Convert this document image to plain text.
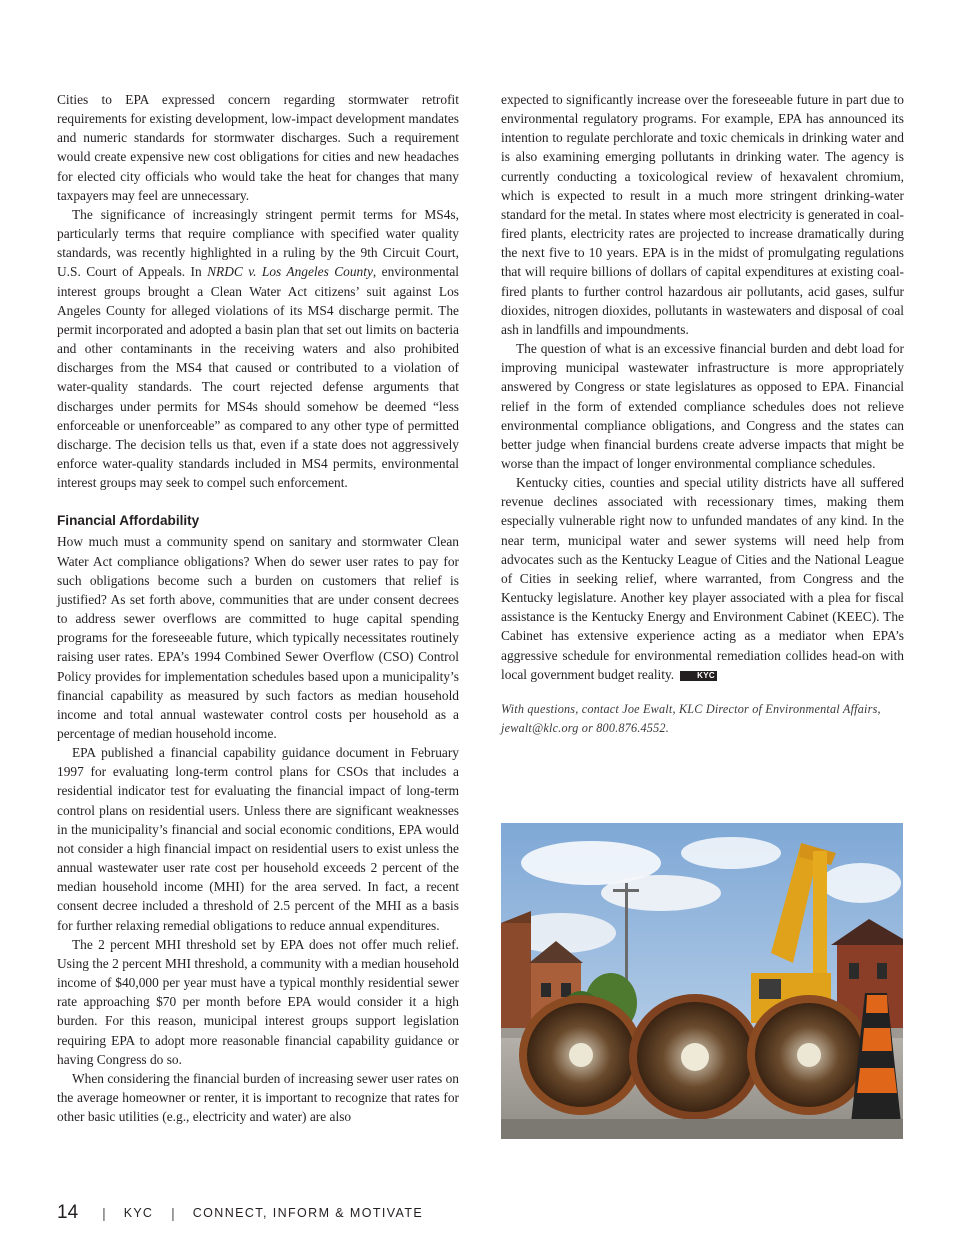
Cities to EPA expressed concern regarding stormwater retrofit requirements for existing development, low-impact development mandates and numeric standards for stormwater discharges. Such a requirement would create expensive new cost obligations for cities and new headaches for elected city officials who would take the heat for changes that many taxpayers may feel are unnecessary.

The significance of increasingly stringent permit terms for MS4s, particularly terms that require compliance with specified water quality standards, was recently highlighted in a ruling by the 9th Circuit Court, U.S. Court of Appeals. In NRDC v. Los Angeles County, environmental interest groups brought a Clean Water Act citizens’ suit against Los Angeles County for alleged violations of its MS4 discharge permit. The permit incorporated and adopted a basin plan that set out limits on bacteria and other contaminants in the receiving waters and also prohibited discharges from the MS4 that caused or contributed to a violation of water-quality standards. The court rejected defense arguments that discharges under permits for MS4s should somehow be deemed “less enforceable or unenforceable” as compared to any other type of permitted discharge. The decision tells us that, even if a state does not aggressively enforce water-quality standards included in MS4 permits, environmental interest groups may seek to compel such enforcement.

Financial Affordability

How much must a community spend on sanitary and stormwater Clean Water Act compliance obligations? When do sewer user rates to pay for such obligations become such a burden on customers that relief is justified? As set forth above, communities that are under consent decrees to address sewer overflows are committed to huge capital spending programs for the foreseeable future, which typically necessitates routinely raising user rates. EPA’s 1994 Combined Sewer Overflow (CSO) Control Policy provides for implementation schedules based upon a municipality’s financial capability as measured by such factors as median household income and total annual wastewater control costs per household as a percentage of median household income.

EPA published a financial capability guidance document in February 1997 for evaluating long-term control plans for CSOs that includes a residential indicator test for evaluating the financial impact of long-term control plans on residential users. Unless there are significant weaknesses in the municipality’s financial and social economic conditions, EPA would not consider a high financial impact on residential users to exist unless the annual wastewater user rate cost per household exceeds 2 percent of the median household income (MHI) for the area served. In fact, a recent consent decree included a threshold of 2.5 percent of the MHI as a basis for further relaxing remedial obligations to reduce annual expenditures.

The 2 percent MHI threshold set by EPA does not offer much relief. Using the 2 percent MHI threshold, a community with a median household income of $40,000 per year must have a typical monthly residential sewer rate approaching $70 per month before EPA would consider it a high burden. For this reason, municipal interest groups support legislation requiring EPA to adopt more reasonable financial capability guidance or having Congress do so.

When considering the financial burden of increasing sewer user rates on the average homeowner or renter, it is important to recognize that rates for other basic utilities (e.g., electricity and water) are also

expected to significantly increase over the foreseeable future in part due to environmental regulatory programs. For example, EPA has announced its intention to regulate perchlorate and toxic chemicals in drinking water and is also examining emerging pollutants in drinking water. The agency is currently conducting a toxicological review of hexavalent chromium, which is expected to result in a much more stringent drinking-water standard for the metal. In states where most electricity is generated in coal-fired plants, electricity rates are projected to increase dramatically during the next five to 10 years. EPA is in the midst of promulgating regulations that will require billions of dollars of capital expenditures at existing coal-fired plants to further control hazardous air pollutants, acid gases, sulfur dioxides, nitrogen dioxides, pollutants in wastewaters and disposal of coal ash in landfills and impoundments.

The question of what is an excessive financial burden and debt load for improving municipal wastewater infrastructure is more appropriately answered by Congress or state legislatures as opposed to EPA. Financial relief in the form of extended compliance schedules does not relieve environmental compliance obligations, and Congress and the states can better judge when financial burdens create adverse impacts that might be worse than the impact of longer environmental compliance schedules.

Kentucky cities, counties and special utility districts have all suffered revenue declines associated with recessionary times, making them especially vulnerable right now to unfunded mandates of any kind. In the near term, municipal water and sewer systems will need help from advocates such as the Kentucky League of Cities and the National League of Cities in seeking relief, where warranted, from Congress and the Kentucky legislature. Another key player associated with a plea for fiscal assistance is the Kentucky Energy and Environment Cabinet (KEEC). The Cabinet has extensive experience acting as a mediator when EPA’s aggressive schedule for environmental remediation collides head-on with local government budget reality.	KYC

With questions, contact Joe Ewalt, KLC Director of Environmental Affairs, jewalt@klc.org or 800.876.4552.

14 | KYC | CONNECT, INFORM & MOTIVATE
